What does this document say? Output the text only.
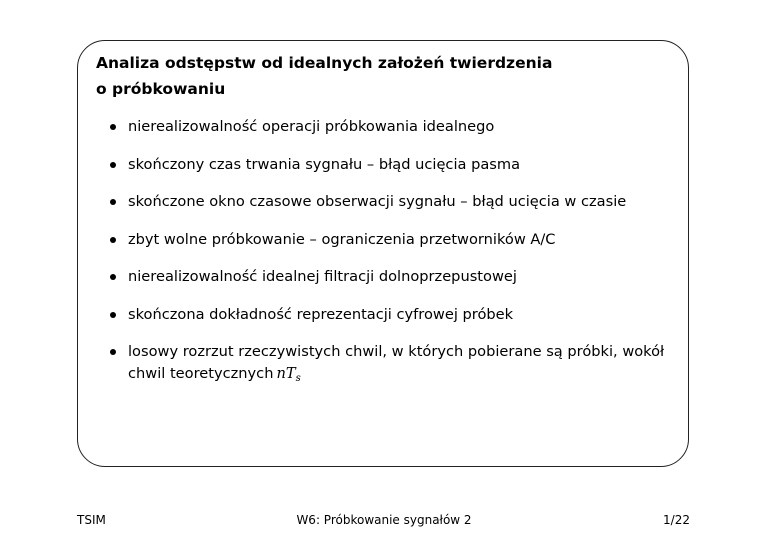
Analiza odstępstw od idealnych założeń twierdzenia
o próbkowaniu
nierealizowalność operacji próbkowania idealnego
skończony czas trwania sygnału – błąd ucięcia pasma
skończone okno czasowe obserwacji sygnału – błąd ucięcia w czasie
zbyt wolne próbkowanie – ograniczenia przetworników A/C
nierealizowalność idealnej filtracji dolnoprzepustowej
skończona dokładność reprezentacji cyfrowej próbek
losowy rozrzut rzeczywistych chwil, w których pobierane są próbki, wokół chwil teoretycznych $nT_s$
TSIM	W6: Próbkowanie sygnałów 2	1/22
